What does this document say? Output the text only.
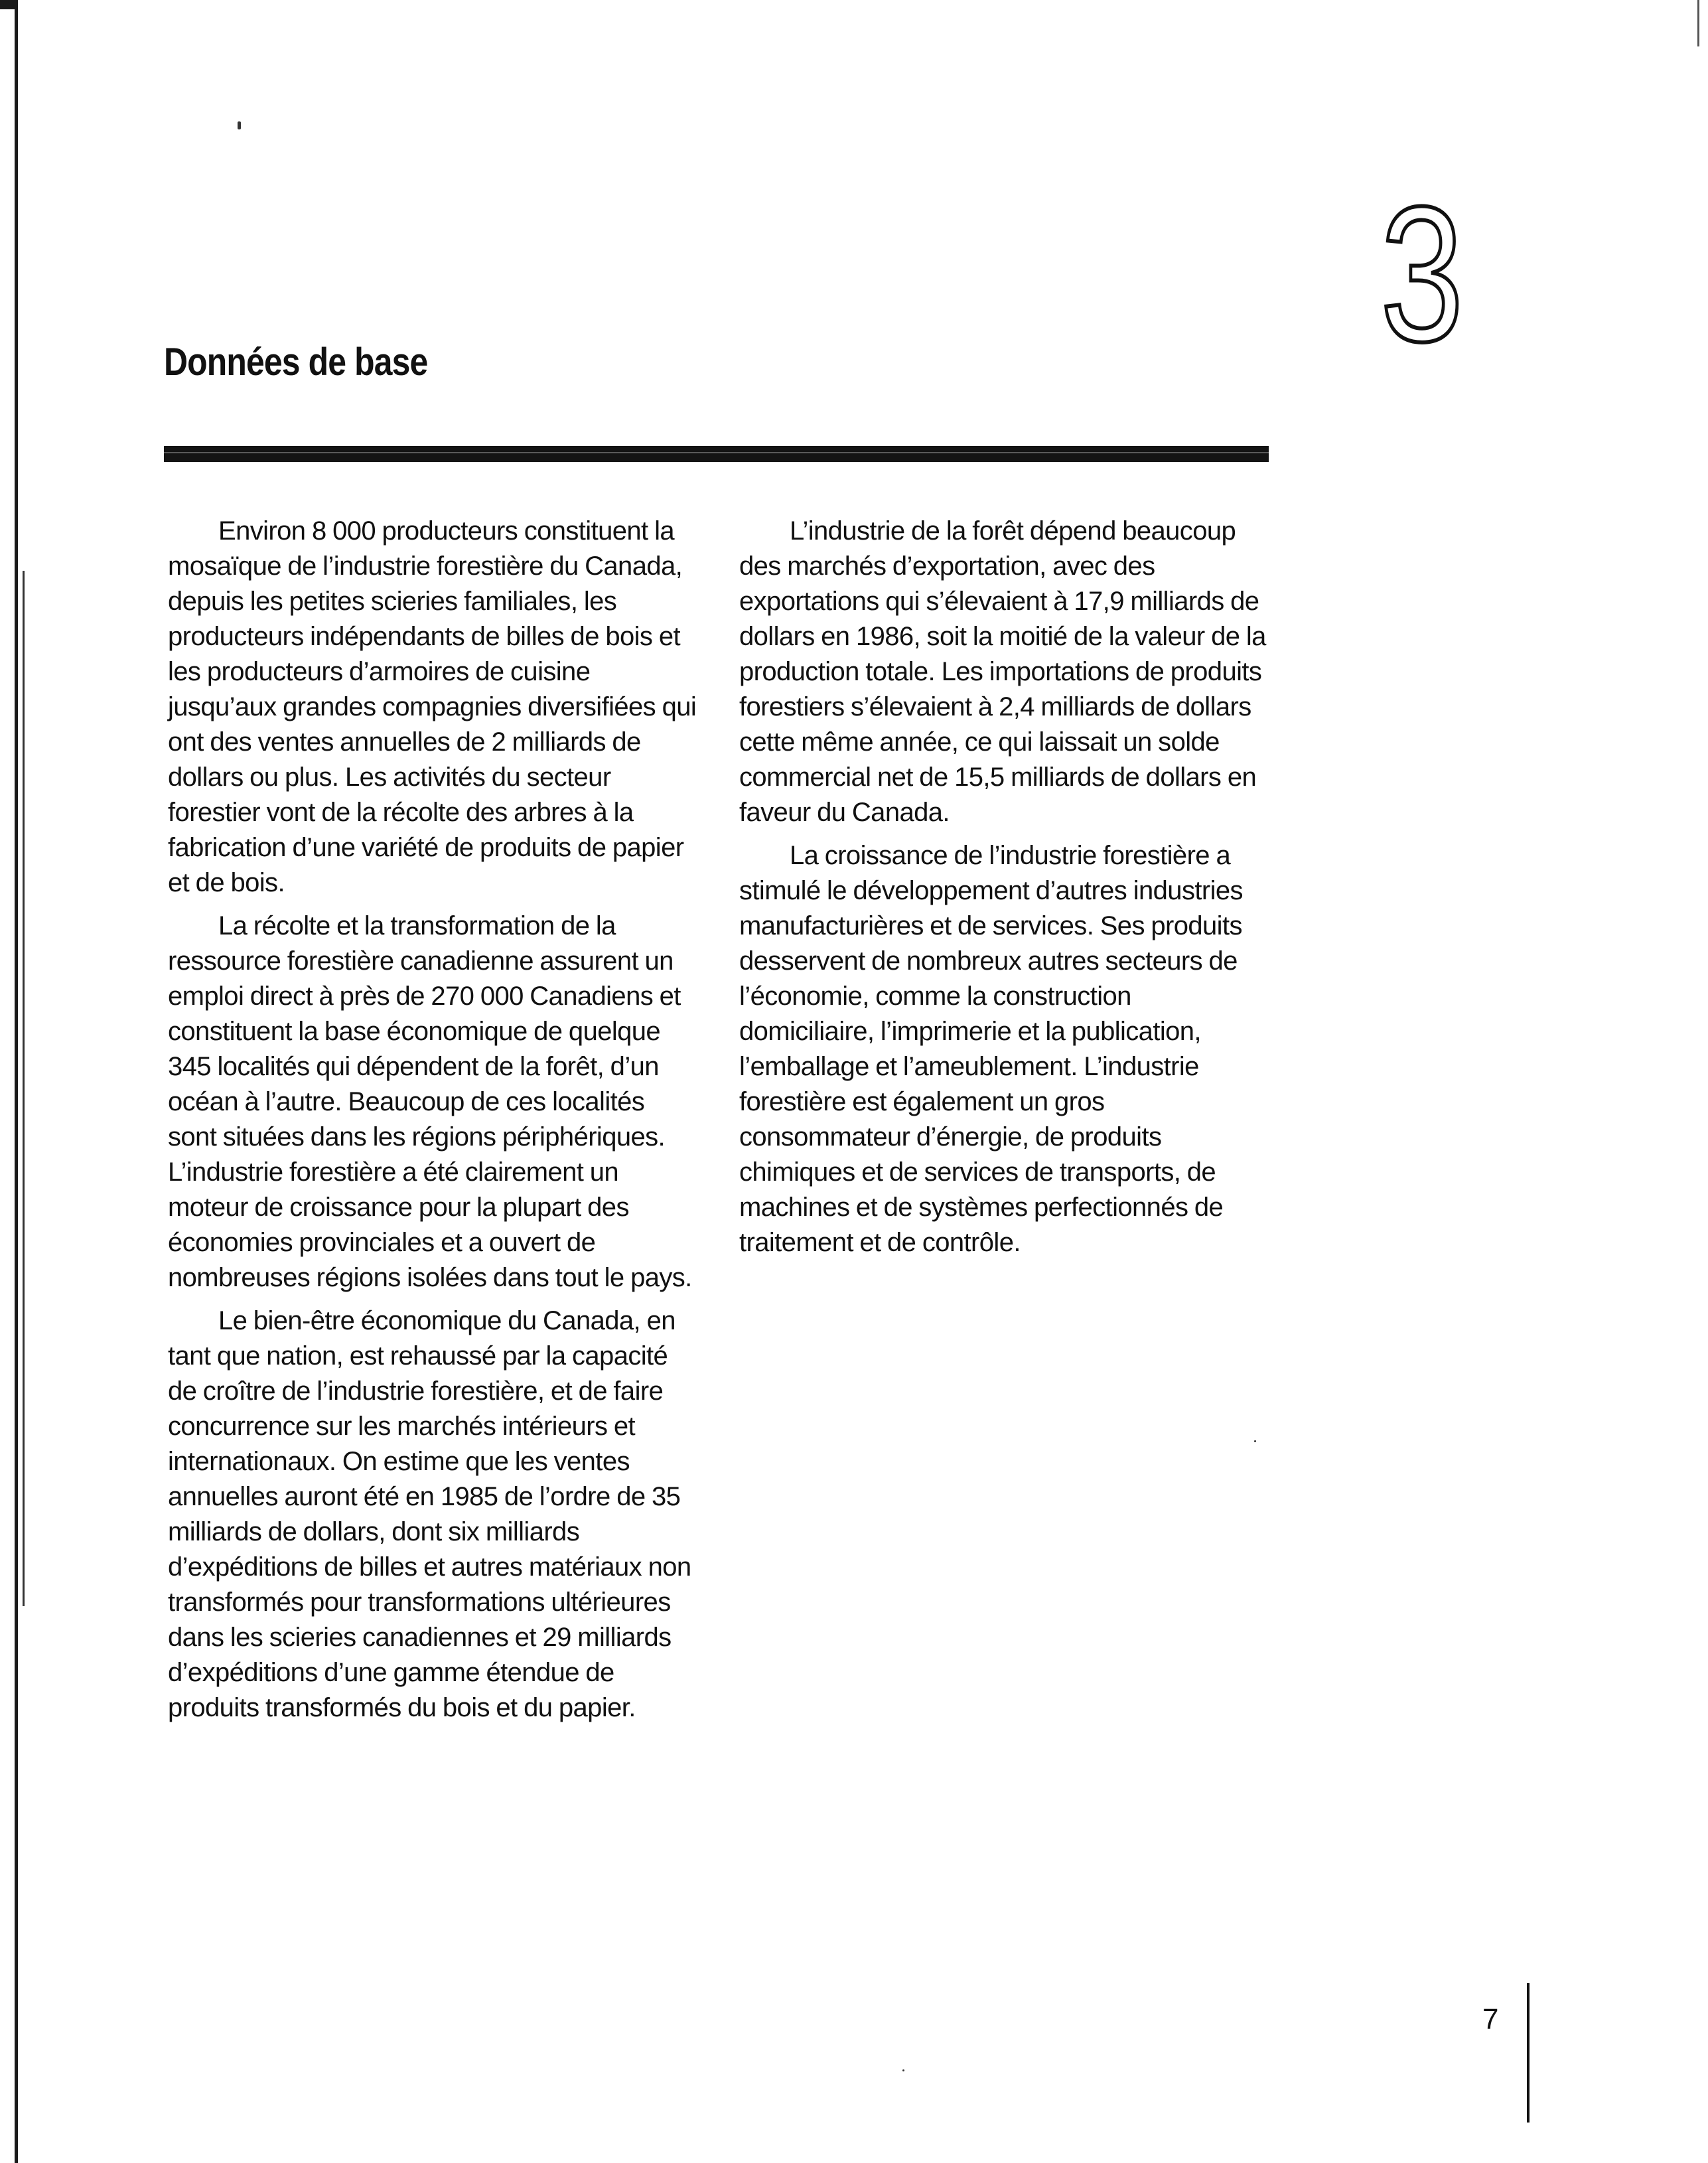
Données de base	3

Environ 8 000 producteurs constituent la mosaïque de l’industrie forestière du Canada, depuis les petites scieries familiales, les producteurs indépendants de billes de bois et les producteurs d’armoires de cuisine jusqu’aux grandes compagnies diversifiées qui ont des ventes annuelles de 2 milliards de dollars ou plus. Les activités du secteur forestier vont de la récolte des arbres à la fabrication d’une variété de produits de papier et de bois.

La récolte et la transformation de la ressource forestière canadienne assurent un emploi direct à près de 270 000 Canadiens et constituent la base économique de quelque 345 localités qui dépendent de la forêt, d’un océan à l’autre. Beaucoup de ces localités sont situées dans les régions périphériques. L’industrie forestière a été clairement un moteur de croissance pour la plupart des économies provinciales et a ouvert de nombreuses régions isolées dans tout le pays.

Le bien-être économique du Canada, en tant que nation, est rehaussé par la capacité de croître de l’industrie forestière, et de faire concurrence sur les marchés intérieurs et internationaux. On estime que les ventes annuelles auront été en 1985 de l’ordre de 35 milliards de dollars, dont six milliards d’expéditions de billes et autres matériaux non transformés pour transformations ultérieures dans les scieries canadiennes et 29 milliards d’expéditions d’une gamme étendue de produits transformés du bois et du papier.

L’industrie de la forêt dépend beaucoup des marchés d’exportation, avec des exportations qui s’élevaient à 17,9 milliards de dollars en 1986, soit la moitié de la valeur de la production totale. Les importations de produits forestiers s’élevaient à 2,4 milliards de dollars cette même année, ce qui laissait un solde commercial net de 15,5 milliards de dollars en faveur du Canada.

La croissance de l’industrie forestière a stimulé le développement d’autres industries manufacturières et de services. Ses produits desservent de nombreux autres secteurs de l’économie, comme la construction domiciliaire, l’imprimerie et la publication, l’emballage et l’ameublement. L’industrie forestière est également un gros consommateur d’énergie, de produits chimiques et de services de transports, de machines et de systèmes perfectionnés de traitement et de contrôle.

7
